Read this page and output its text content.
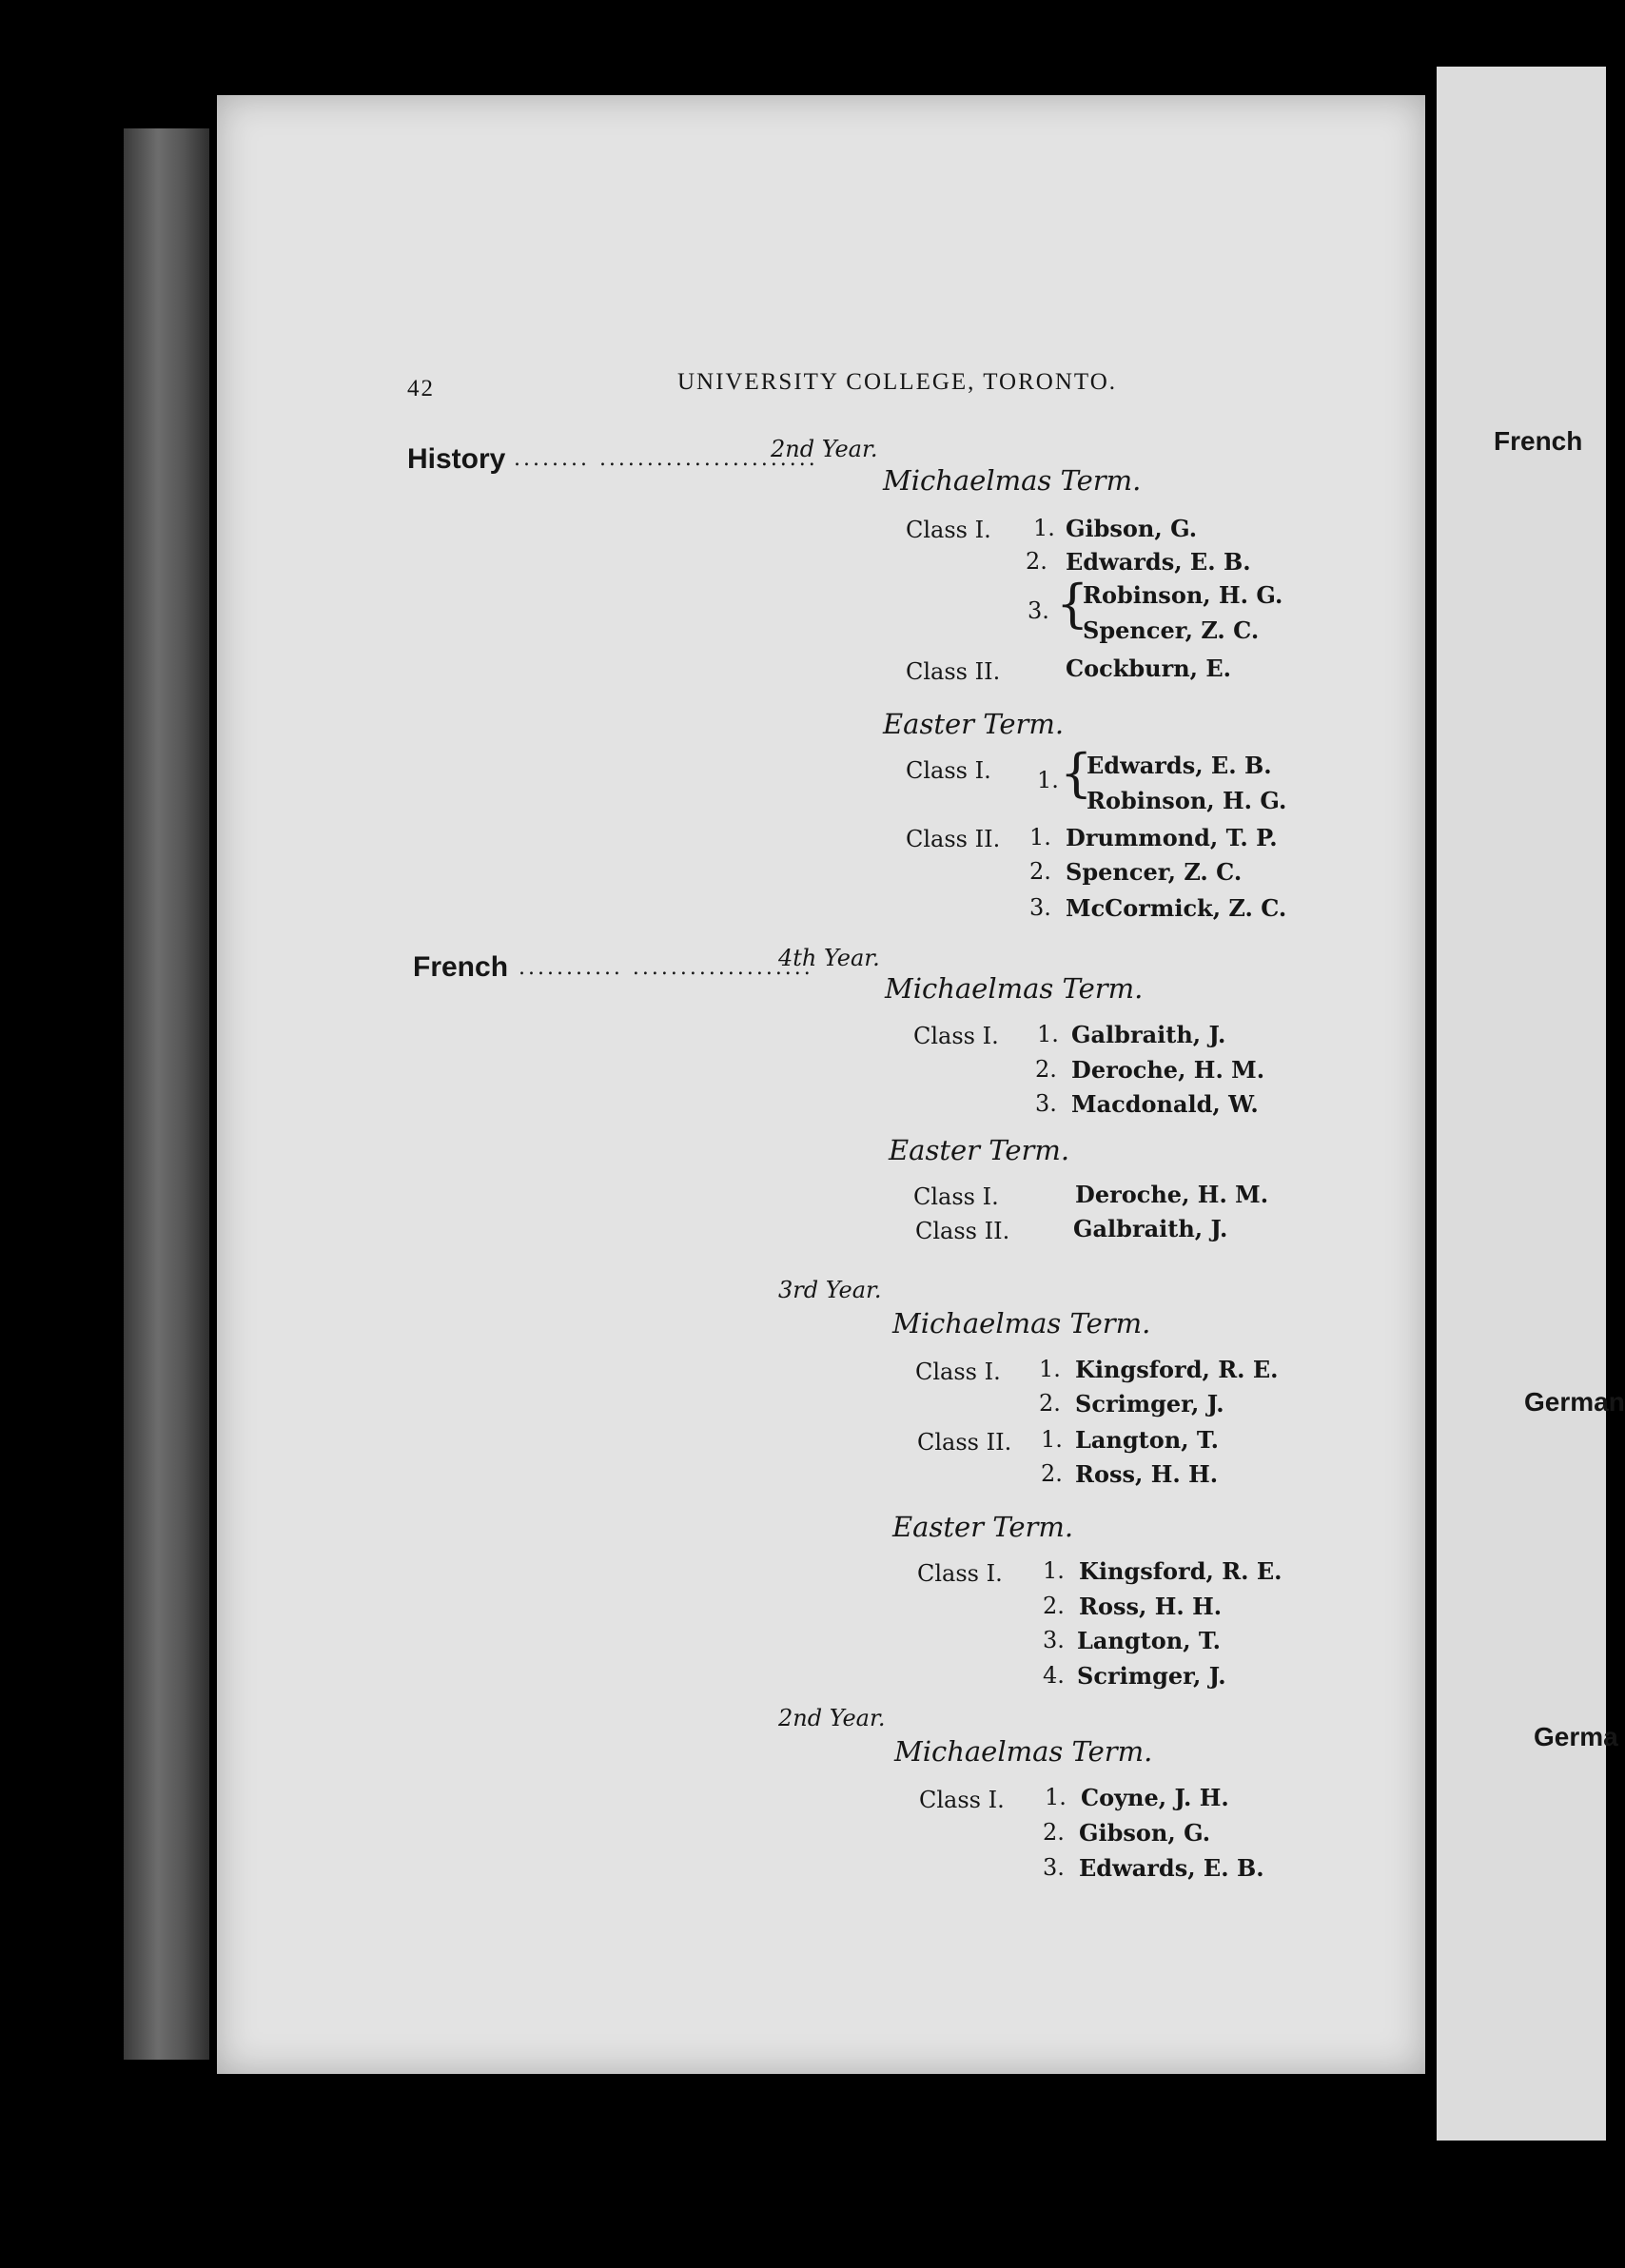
42	UNIVERSITY COLLEGE, TORONTO.
History ........ .......................
2nd Year.
Michaelmas Term.
Class I. 1. Gibson, G.
2. Edwards, E. B.
3. {
Robinson, H. G.
Spencer, Z. C.
Class II.	Cockburn, E.
Easter Term.
Class I. 1. {
Edwards, E. B.
Robinson, H. G.
Class II. 1. Drummond, T. P.
2. Spencer, Z. C.
3. McCormick, Z. C.
French ........... ...................
4th Year.
Michaelmas Term.
Class I. 1. Galbraith, J.
2. Deroche, H. M.
3. Macdonald, W.
Easter Term.
Class I.	Deroche, H. M.
Class II.	Galbraith, J.
3rd Year.
Michaelmas Term.
Class I. 1. Kingsford, R. E.
2. Scrimger, J.
Class II. 1. Langton, T.
2. Ross, H. H.
Easter Term.
Class I. 1. Kingsford, R. E.
2. Ross, H. H.
3. Langton, T.
4. Scrimger, J.
2nd Year.
Michaelmas Term.
Class I. 1. Coyne, J. H.
2. Gibson, G.
3. Edwards, E. B.
French
German
Germa
